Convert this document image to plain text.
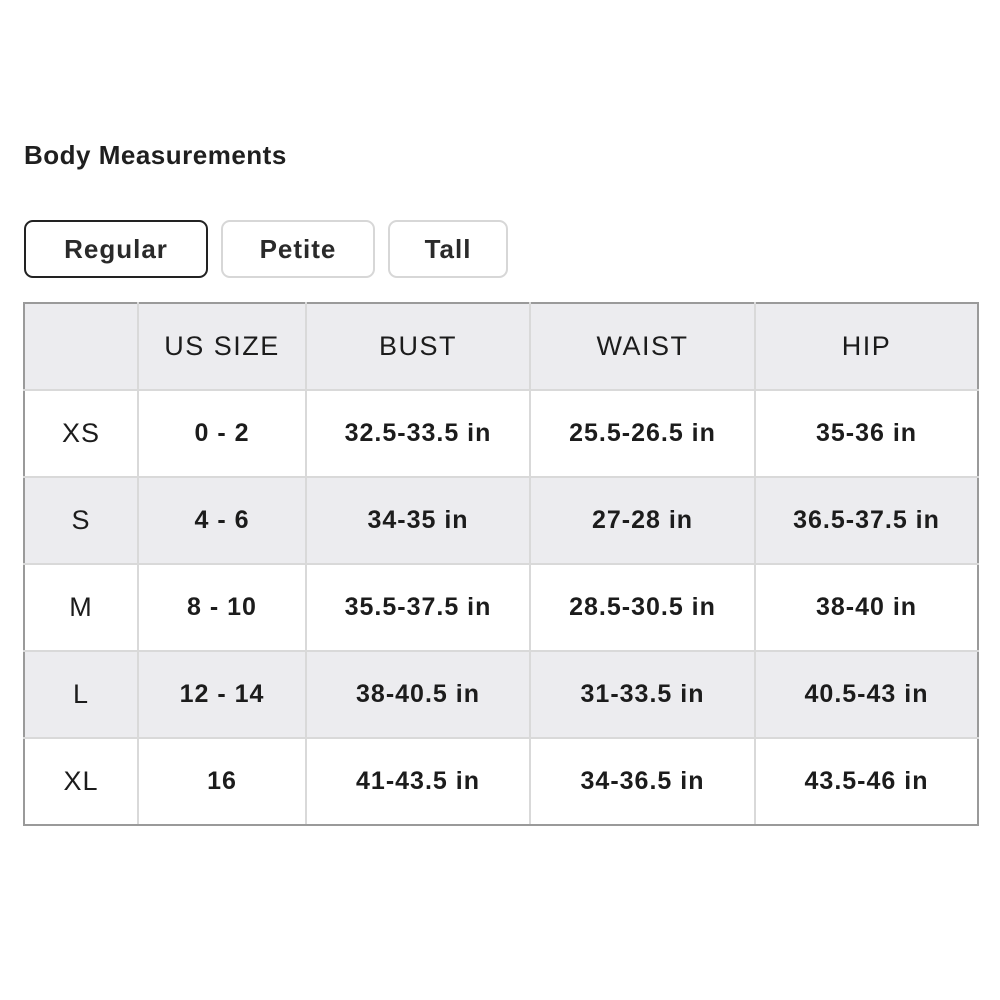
Body Measurements
Regular	Petite	Tall
	US SIZE	BUST	WAIST	HIP
XS	0 - 2	32.5-33.5 in	25.5-26.5 in	35-36 in
S	4 - 6	34-35 in	27-28 in	36.5-37.5 in
M	8 - 10	35.5-37.5 in	28.5-30.5 in	38-40 in
L	12 - 14	38-40.5 in	31-33.5 in	40.5-43 in
XL	16	41-43.5 in	34-36.5 in	43.5-46 in
